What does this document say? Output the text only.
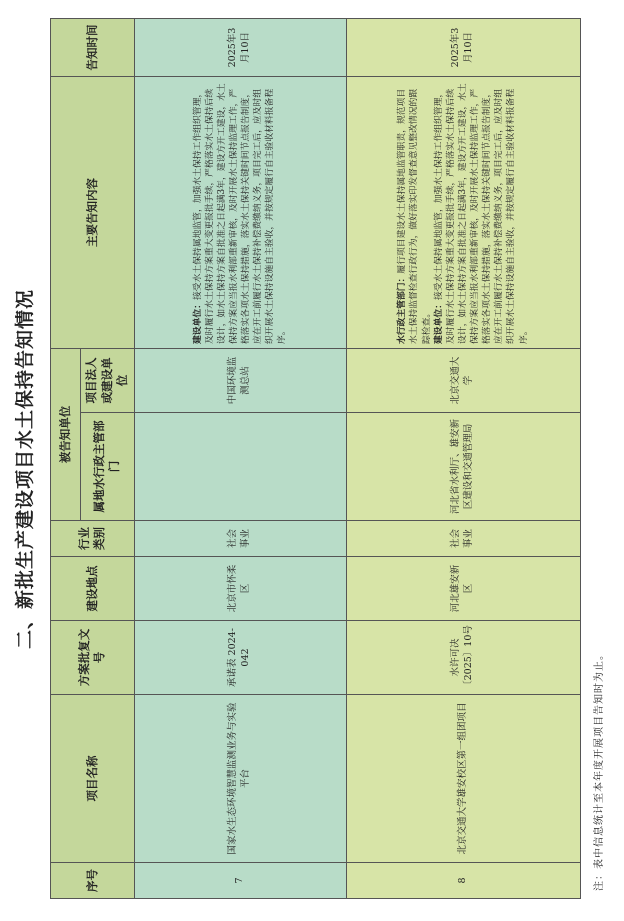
二、新批生产建设项目水土保持告知情况
序号	项目名称	方案批复文号	建设地点	行业类别	被告知单位		主要告知内容	告知时间
					属地水行政主管部门	项目法人或建设单位		
7	国家水生态环境智慧监测业务与实验平台	承诺表 2024-042	北京市怀柔区	社会事业		中国环境监测总站	建设单位：接受水土保持属地监管，加强水土保持工作组织管理，及时履行水土保持方案重大变更报批手续，严格落实水土保持后续设计，如水土保持方案自批准之日起满3年，建设方开工建设，水土保持方案应当报水利部重新审核，及时开展水土保持监理工作，严格落实各项水土保持措施，落实水土保持关键时间节点报告制度，应在开工前履行水土保持补偿费缴纳义务，项目完工后，应及时组织开展水土保持设施自主验收，并按规定履行自主验收材料报备程序。	2025年3月10日
8	北京交通大学雄安校区第一组团项目	水许可决〔2025〕10号	河北雄安新区	社会事业	河北省水利厅、雄安新区建设和交通管理局	北京交通大学	水行政主管部门：履行项目建设水土保持属地监管职责，规范项目水土保持监督检查行政行为，做好落实印发督查意见整改情况的跟踪检查。 建设单位：接受水土保持属地监管，加强水土保持工作组织管理，及时履行水土保持方案重大变更报批手续，严格落实水土保持后续设计，如水土保持方案自批准之日起满3年，建设方开工建设，水土保持方案应当报水利部重新审核，及时开展水土保持监理工作，严格落实各项水土保持措施，落实水土保持关键时间节点报告制度，应在开工前履行水土保持补偿费缴纳义务，项目完工后，应及时组织开展水土保持设施自主验收，并按规定履行自主验收材料报备程序。	2025年3月10日
注：表中信息统计至本年度开展项目告知时为止。
